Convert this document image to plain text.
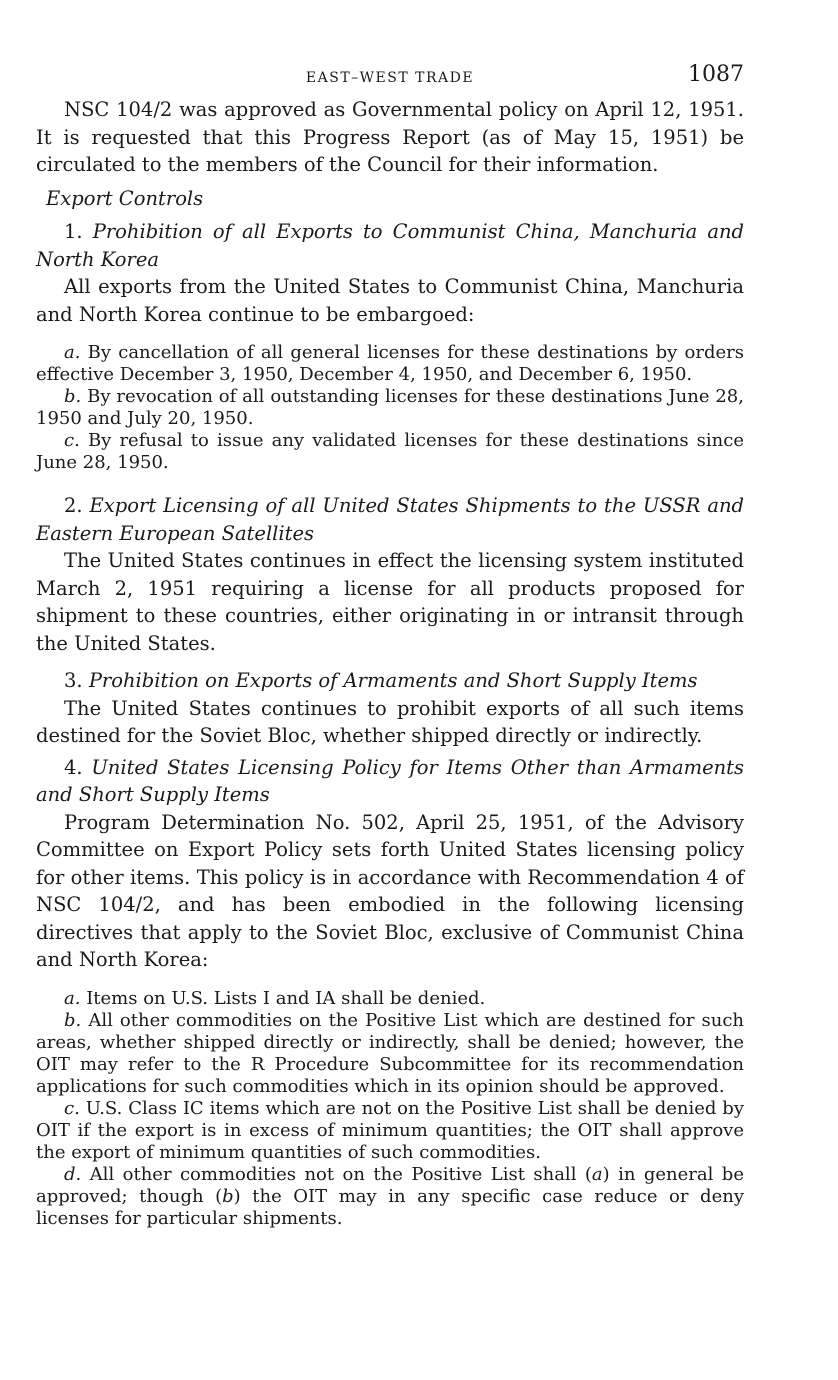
EAST–WEST TRADE	1087

NSC 104/2 was approved as Governmental policy on April 12, 1951. It is requested that this Progress Report (as of May 15, 1951) be circulated to the members of the Council for their information.

Export Controls

1. Prohibition of all Exports to Communist China, Manchuria and North Korea

All exports from the United States to Communist China, Manchuria and North Korea continue to be embargoed:

a. By cancellation of all general licenses for these destinations by orders effective December 3, 1950, December 4, 1950, and December 6, 1950.

b. By revocation of all outstanding licenses for these destinations June 28, 1950 and July 20, 1950.

c. By refusal to issue any validated licenses for these destinations since June 28, 1950.

2. Export Licensing of all United States Shipments to the USSR and Eastern European Satellites

The United States continues in effect the licensing system instituted March 2, 1951 requiring a license for all products proposed for shipment to these countries, either originating in or intransit through the United States.

3. Prohibition on Exports of Armaments and Short Supply Items

The United States continues to prohibit exports of all such items destined for the Soviet Bloc, whether shipped directly or indirectly.

4. United States Licensing Policy for Items Other than Armaments and Short Supply Items

Program Determination No. 502, April 25, 1951, of the Advisory Committee on Export Policy sets forth United States licensing policy for other items. This policy is in accordance with Recommendation 4 of NSC 104/2, and has been embodied in the following licensing directives that apply to the Soviet Bloc, exclusive of Communist China and North Korea:

a. Items on U.S. Lists I and IA shall be denied.

b. All other commodities on the Positive List which are destined for such areas, whether shipped directly or indirectly, shall be denied; however, the OIT may refer to the R Procedure Subcommittee for its recommendation applications for such commodities which in its opinion should be approved.

c. U.S. Class IC items which are not on the Positive List shall be denied by OIT if the export is in excess of minimum quantities; the OIT shall approve the export of minimum quantities of such commodities.

d. All other commodities not on the Positive List shall (a) in general be approved; though (b) the OIT may in any specific case reduce or deny licenses for particular shipments.
